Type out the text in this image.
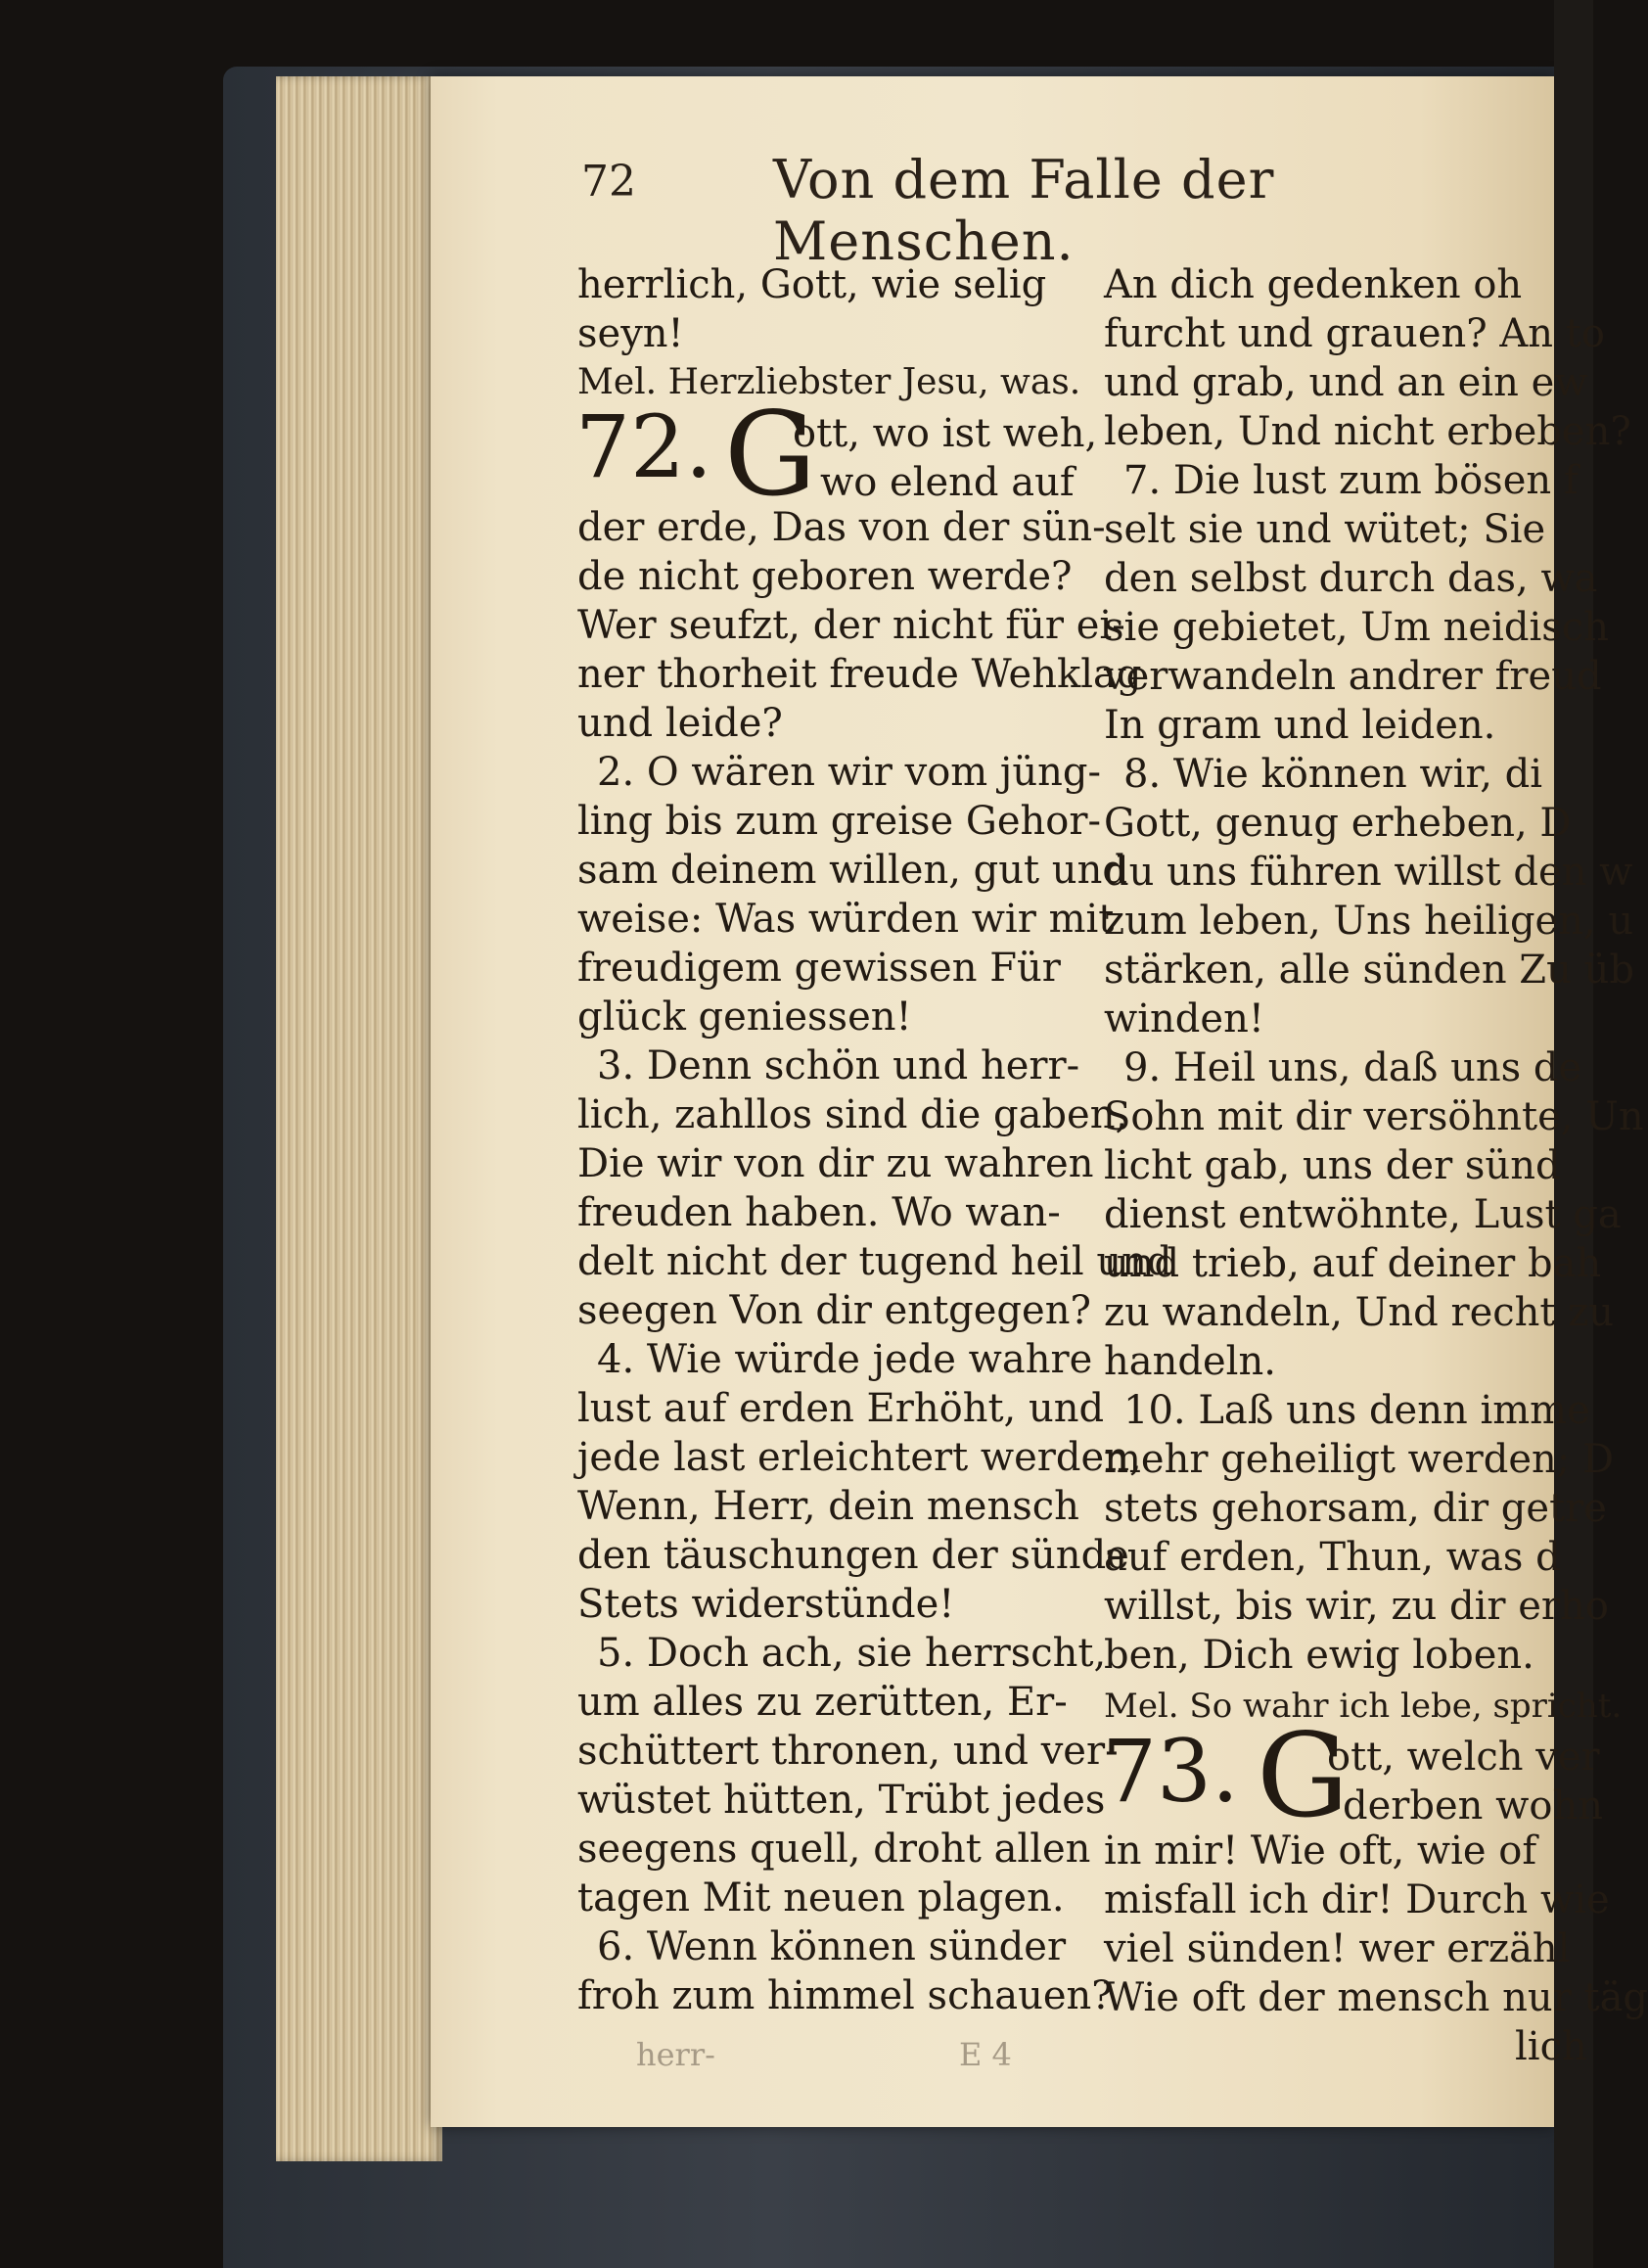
72	Von dem Falle der Menschen.
herrlich, Gott, wie selig
seyn!
Mel. Herzliebster Jesu, was.
72. G
ott, wo ist weh,
wo elend auf
der erde, Das von der sün-
de nicht geboren werde?
Wer seufzt, der nicht für ei-
ner thorheit freude Wehklag
und leide?
2. O wären wir vom jüng-
ling bis zum greise Gehor-
sam deinem willen, gut und
weise: Was würden wir mit
freudigem gewissen Für
glück geniessen!
3. Denn schön und herr-
lich, zahllos sind die gaben,
Die wir von dir zu wahren
freuden haben. Wo wan-
delt nicht der tugend heil und
seegen Von dir entgegen?
4. Wie würde jede wahre
lust auf erden Erhöht, und
jede last erleichtert werden,
Wenn, Herr, dein mensch
den täuschungen der sünde
Stets widerstünde!
5. Doch ach, sie herrscht,
um alles zu zerütten, Er-
schüttert thronen, und ver-
wüstet hütten, Trübt jedes
seegens quell, droht allen
tagen Mit neuen plagen.
6. Wenn können sünder
froh zum himmel schauen?
An dich gedenken oh
furcht und grauen? An to
und grab, und an ein ew
leben, Und nicht erbeben?
7. Die lust zum bösen f
selt sie und wütet; Sie
den selbst durch das, wa
sie gebietet, Um neidisch
verwandeln andrer freud
In gram und leiden.
8. Wie können wir, di
Gott, genug erheben, D
du uns führen willst den w
zum leben, Uns heiligen, u
stärken, alle sünden Zu üb
winden!
9. Heil uns, daß uns de
Sohn mit dir versöhnte, Un
licht gab, uns der sünd
dienst entwöhnte, Lust ga
und trieb, auf deiner bah
zu wandeln, Und recht zu
handeln.
10. Laß uns denn imme
mehr geheiligt werden; D
stets gehorsam, dir getre
auf erden, Thun, was d
willst, bis wir, zu dir erho
ben, Dich ewig loben.
Mel. So wahr ich lebe, spricht.
73. G
ott, welch ver
derben wohn
in mir! Wie oft, wie of
misfall ich dir! Durch wie
viel sünden! wer erzähl
Wie oft der mensch nur täg
lich
E 4
herr-
